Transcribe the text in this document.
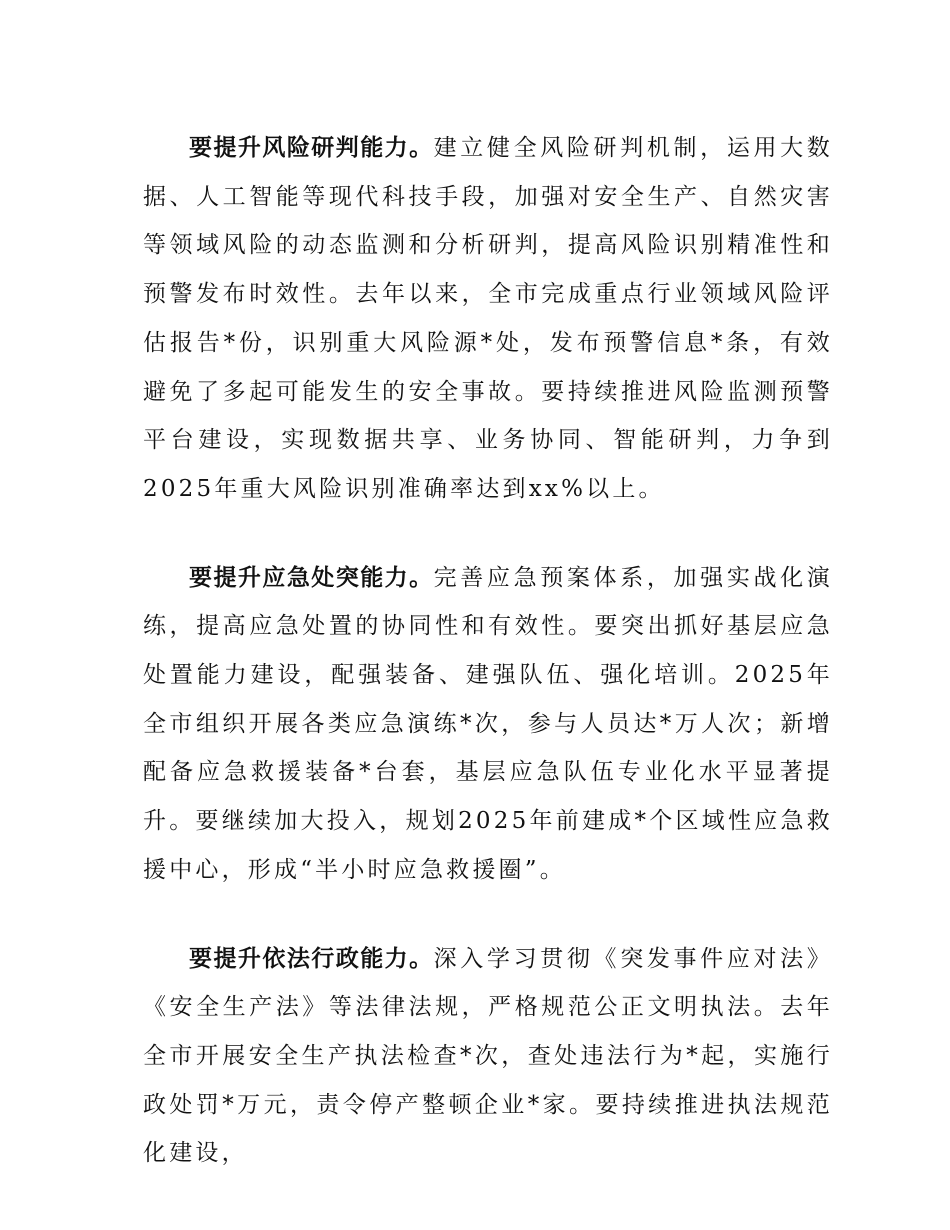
要提升风险研判能力。建立健全风险研判机制，运用大数据、人工智能等现代科技手段，加强对安全生产、自然灾害等领域风险的动态监测和分析研判，提高风险识别精准性和预警发布时效性。去年以来，全市完成重点行业领域风险评估报告*份，识别重大风险源*处，发布预警信息*条，有效避免了多起可能发生的安全事故。要持续推进风险监测预警平台建设，实现数据共享、业务协同、智能研判，力争到2025年重大风险识别准确率达到xx%以上。

要提升应急处突能力。完善应急预案体系，加强实战化演练，提高应急处置的协同性和有效性。要突出抓好基层应急处置能力建设，配强装备、建强队伍、强化培训。2025年全市组织开展各类应急演练*次，参与人员达*万人次；新增配备应急救援装备*台套，基层应急队伍专业化水平显著提升。要继续加大投入，规划2025年前建成*个区域性应急救援中心，形成“半小时应急救援圈”。

要提升依法行政能力。深入学习贯彻《突发事件应对法》《安全生产法》等法律法规，严格规范公正文明执法。去年全市开展安全生产执法检查*次，查处违法行为*起，实施行政处罚*万元，责令停产整顿企业*家。要持续推进执法规范化建设，
